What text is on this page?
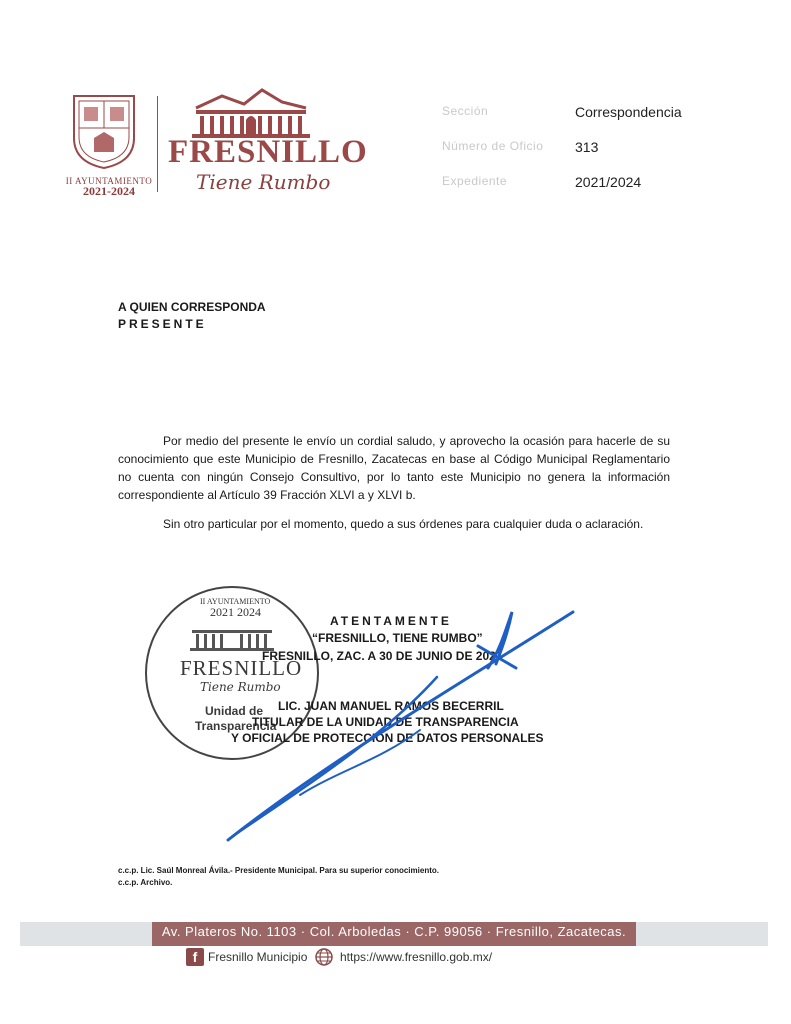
II AYUNTAMIENTO
2021-2024
FRESNILLO
Tiene Rumbo
Sección	Correspondencia
Número de Oficio 313
Expediente	2021/2024
A QUIEN CORRESPONDA
PRESENTE
Por medio del presente le envío un cordial saludo, y aprovecho la ocasión para hacerle de su conocimiento que este Municipio de Fresnillo, Zacatecas en base al Código Municipal Reglamentario no cuenta con ningún Consejo Consultivo, por lo tanto este Municipio no genera la información correspondiente al Artículo 39 Fracción XLVI a y XLVI b.
Sin otro particular por el momento, quedo a sus órdenes para cualquier duda o aclaración.
II AYUNTAMIENTO
2021 2024
FRESNILLO
Tiene Rumbo
Unidad de
Transparencia
ATENTAMENTE
“FRESNILLO, TIENE RUMBO”
FRESNILLO, ZAC. A 30 DE JUNIO DE 2021
LIC. JUAN MANUEL RAMOS BECERRIL
TITULAR DE LA UNIDAD DE TRANSPARENCIA
Y OFICIAL DE PROTECCIÓN DE DATOS PERSONALES
c.c.p. Lic. Saúl Monreal Ávila.- Presidente Municipal. Para su superior conocimiento.
c.c.p. Archivo.
Av. Plateros No. 1103 · Col. Arboledas · C.P. 99056 · Fresnillo, Zacatecas.
f Fresnillo Municipio	https://www.fresnillo.gob.mx/
